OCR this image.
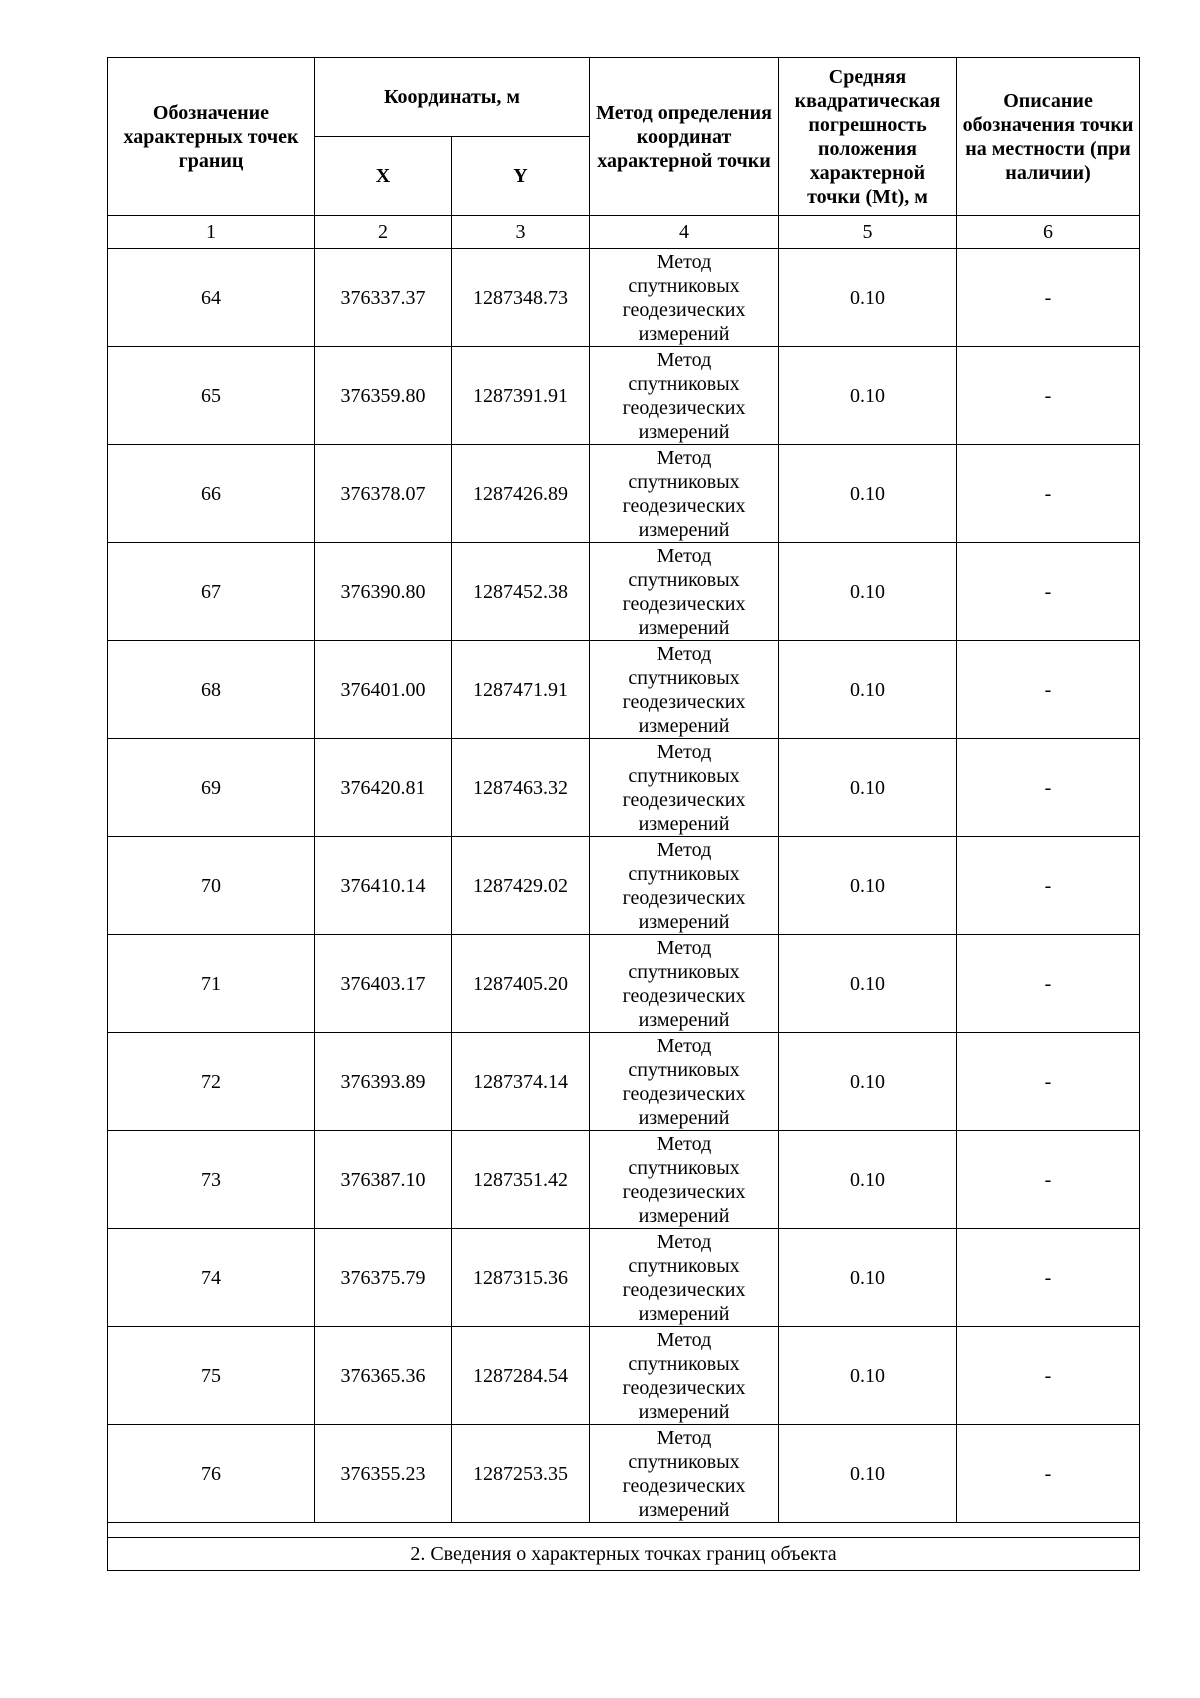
Обозначение характерных точек границ	Координаты, м		Метод определения координат характерной точки	Средняя квадратическая погрешность положения характерной точки (Mt), м	Описание обозначения точки на местности (при наличии)
	X	Y			
1	2	3	4	5	6
64	376337.37	1287348.73	Метод
спутниковых
геодезических
измерений	0.10	-
65	376359.80	1287391.91	Метод
спутниковых
геодезических
измерений	0.10	-
66	376378.07	1287426.89	Метод
спутниковых
геодезических
измерений	0.10	-
67	376390.80	1287452.38	Метод
спутниковых
геодезических
измерений	0.10	-
68	376401.00	1287471.91	Метод
спутниковых
геодезических
измерений	0.10	-
69	376420.81	1287463.32	Метод
спутниковых
геодезических
измерений	0.10	-
70	376410.14	1287429.02	Метод
спутниковых
геодезических
измерений	0.10	-
71	376403.17	1287405.20	Метод
спутниковых
геодезических
измерений	0.10	-
72	376393.89	1287374.14	Метод
спутниковых
геодезических
измерений	0.10	-
73	376387.10	1287351.42	Метод
спутниковых
геодезических
измерений	0.10	-
74	376375.79	1287315.36	Метод
спутниковых
геодезических
измерений	0.10	-
75	376365.36	1287284.54	Метод
спутниковых
геодезических
измерений	0.10	-
76	376355.23	1287253.35	Метод
спутниковых
геодезических
измерений	0.10	-

2. Сведения о характерных точках границ объекта					
